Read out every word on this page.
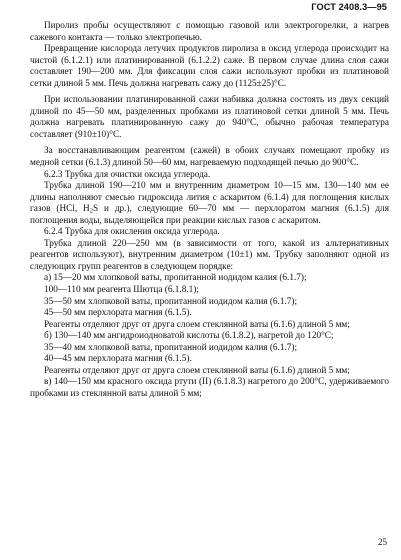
ГОСТ 2408.3—95

Пиролиз пробы осуществляют с помощью газовой или электрогорелки, а нагрев сажевого контакта — только электропечью.

Превращение кислорода летучих продуктов пиролиза в оксид углерода происходит на чистой (6.1.2.1) или платинированной (6.1.2.2) саже. В первом случае длина слоя сажи составляет 190—200 мм. Для фиксации слоя сажи используют пробки из платиновой сетки длиной 5 мм. Печь должна нагревать сажу до (1125±25)°С.

При использовании платинированной сажи набивка должна состоять из двух секций длиной по 45—50 мм, разделенных пробками из платиновой сетки длиной 5 мм. Печь должна нагревать платинированную сажу до 940°С, обычно рабочая температура составляет (910±10)°С.

За восстанавливающим реагентом (сажей) в обоих случаях помещают пробку из медной сетки (6.1.3) длиной 50—60 мм, нагреваемую подходящей печью до 900°С.

6.2.3 Трубка для очистки оксида углерода.

Трубка длиной 190—210 мм и внутренним диаметром 10—15 мм. 130—140 мм ее длины наполняют смесью гидроксида лития с аскаритом (6.1.4) для поглощения кислых газов (HCl, $H_2S$ и др.), следующие 60—70 мм — перхлоратом магния (6.1.5) для поглощения воды, выделяющейся при реакции кислых газов с аскаритом.

6.2.4 Трубка для окисления оксида углерода.

Трубка длиной 220—250 мм (в зависимости от того, какой из альтернативных реагентов используют), внутренним диаметром (10±1) мм. Трубку заполняют одной из следующих групп реагентов в следующем порядке:

а) 15—20 мм хлопковой ваты, пропитанной иодидом калия (6.1.7);

100—110 мм реагента Шютца (6.1.8.1);

35—50 мм хлопковой ваты, пропитанной иодидом калия (6.1.7);

45—50 мм перхлората магния (6.1.5).

Реагенты отделяют друг от друга слоем стеклянной ваты (6.1.6) длиной 5 мм;

б) 130—140 мм ангидроиодноватой кислоты (6.1.8.2), нагретой до 120°С;

35—40 мм хлопковой ваты, пропитанной иодидом калия (6.1.7);

40—45 мм перхлората магния (6.1.5).

Реагенты отделяют друг от друга слоем стеклянной ваты (6.1.6) длиной 5 мм;

в) 140—150 мм красного оксида ртути (II) (6.1.8.3) нагретого до 200°С, удерживаемого пробками из стеклянной ваты длиной 5 мм;

25
